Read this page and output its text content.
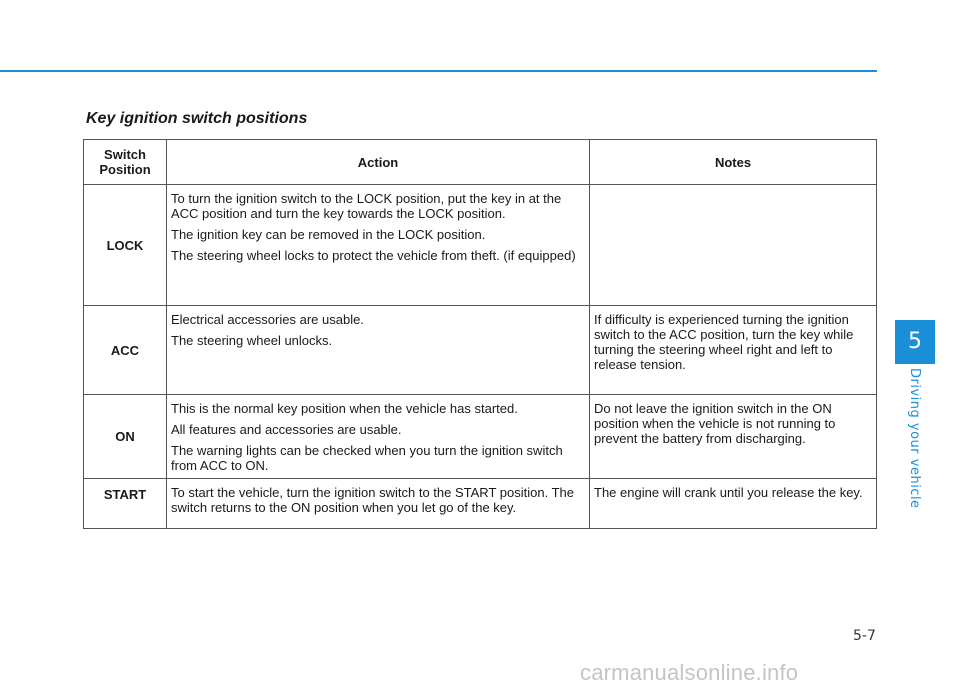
Key ignition switch positions
Switch
Position	Action	Notes
LOCK	To turn the ignition switch to the LOCK position, put the key in at the ACC position and turn the key towards the LOCK position.

The ignition key can be removed in the LOCK position.

The steering wheel locks to protect the vehicle from theft. (if equipped)	

ACC	Electrical accessories are usable.

The steering wheel unlocks.	If difficulty is experienced turning the ignition switch to the ACC position, turn the key while turning the steering wheel right and left to release tension.
ON	This is the normal key position when the vehicle has started.

All features and accessories are usable.

The warning lights can be checked when you turn the ignition switch from ACC to ON.	Do not leave the ignition switch in the ON position when the vehicle is not running to prevent the battery from discharging.
START	To start the vehicle, turn the ignition switch to the START position. The switch returns to the ON position when you let go of the key.	The engine will crank until you release the key.
5
Driving your vehicle
5-7
carmanualsonline.info
